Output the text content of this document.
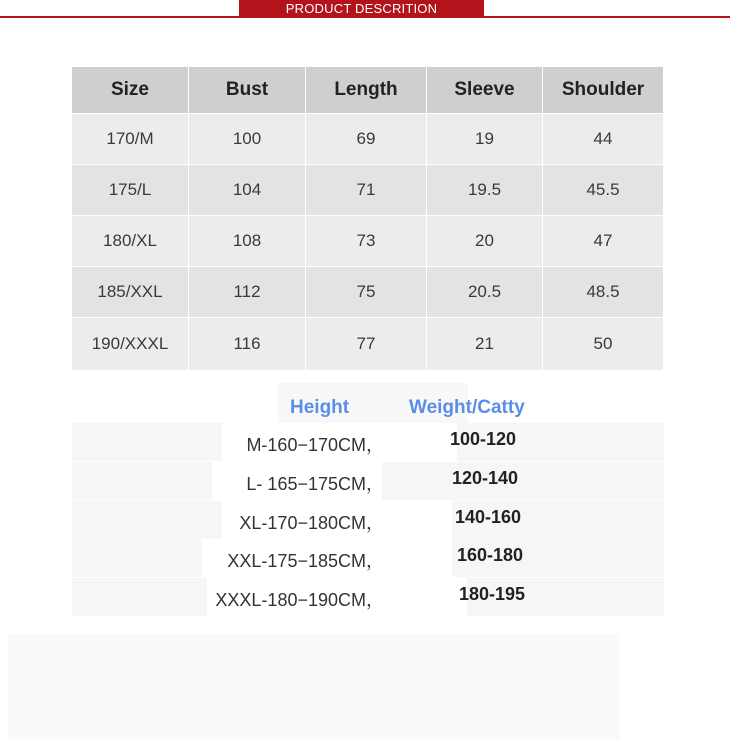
PRODUCT DESCRITION
Size	Bust	Length	Sleeve	Shoulder
170/M	100	69	19	44
175/L	104	71	19.5	45.5
180/XL	108	73	20	47
185/XXL	112	75	20.5	48.5
190/XXXL	116	77	21	50
Height	Weight/Catty
M-160−170CM，	100-120
L- 165−175CM，	120-140
XL-170−180CM，	140-160
XXL-175−185CM，	160-180
XXXL-180−190CM，	180-195
